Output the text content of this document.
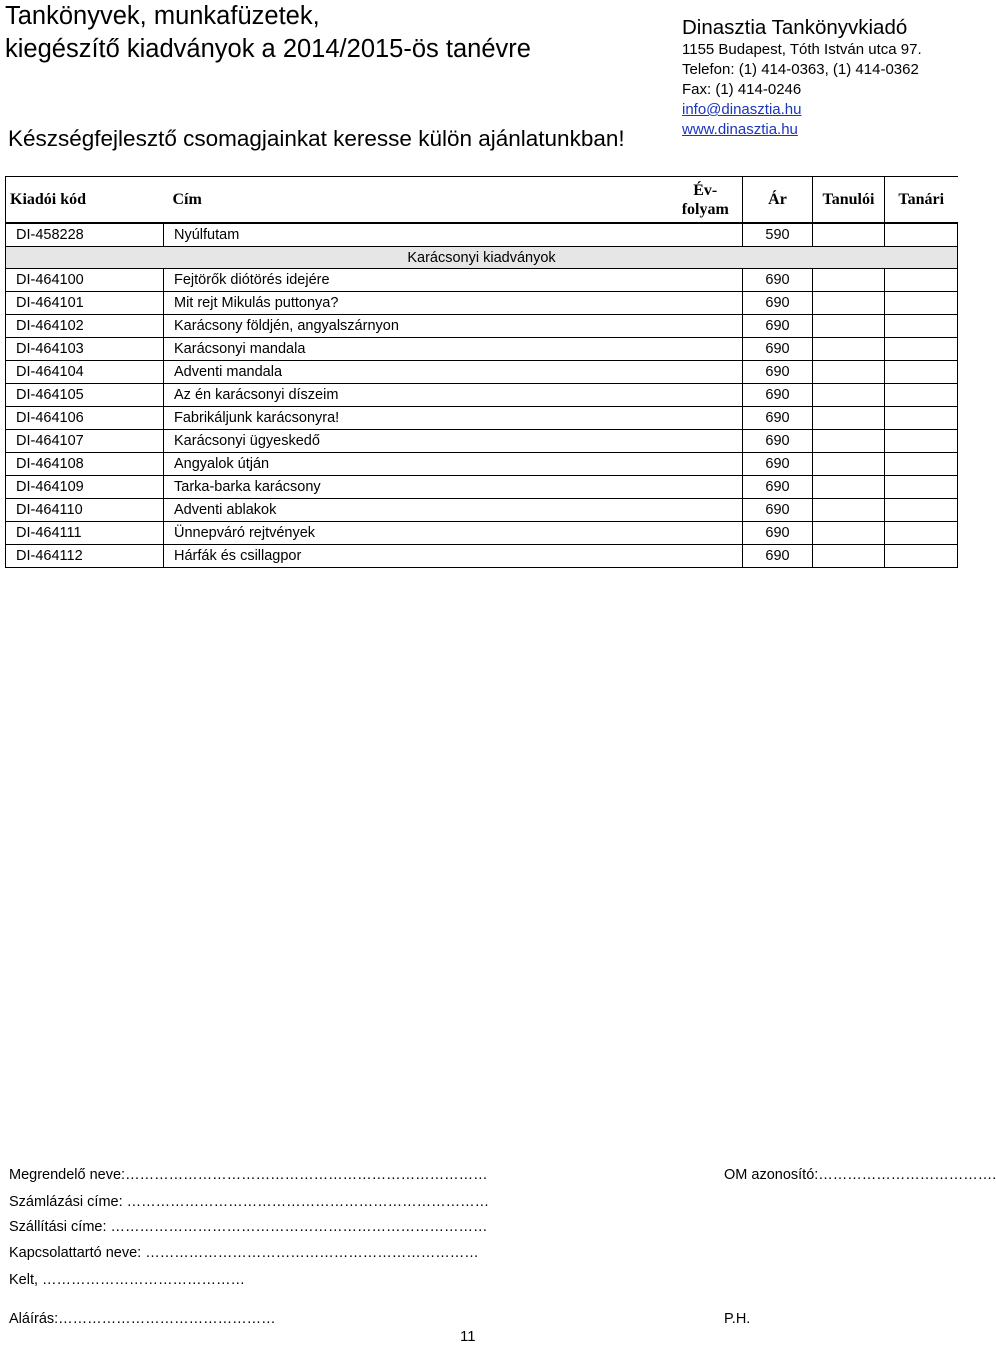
Tankönyvek, munkafüzetek,
kiegészítő kiadványok a 2014/2015-ös tanévre
Készségfejlesztő csomagjainkat keresse külön ajánlatunkban!
Dinasztia Tankönyvkiadó
1155 Budapest, Tóth István utca 97.
Telefon: (1) 414-0363, (1) 414-0362
Fax: (1) 414-0246
info@dinasztia.hu
www.dinasztia.hu
Kiadói kód	Cím	Év-
folyam	Ár	Tanulói	Tanári
DI-458228	Nyúlfutam		590		
Karácsonyi kiadványok					
DI-464100	Fejtörők diótörés idejére		690		
DI-464101	Mit rejt Mikulás puttonya?		690		
DI-464102	Karácsony földjén, angyalszárnyon		690		
DI-464103	Karácsonyi mandala		690		
DI-464104	Adventi mandala		690		
DI-464105	Az én karácsonyi díszeim		690		
DI-464106	Fabrikáljunk karácsonyra!		690		
DI-464107	Karácsonyi ügyeskedő		690		
DI-464108	Angyalok útján		690		
DI-464109	Tarka-barka karácsony		690		
DI-464110	Adventi ablakok		690		
DI-464111	Ünnepváró rejtvények		690		
DI-464112	Hárfák és csillagpor		690		
Megrendelő neve:…………………………………………………………………	OM azonosító:……………………………….
Számlázási címe: …………………………………………………………………
Szállítási címe: ……………………………………………………………………
Kapcsolattartó neve: ……………………………………………………………
Kelt, ……………………………………
Aláírás:………………………………………	P.H.
11
